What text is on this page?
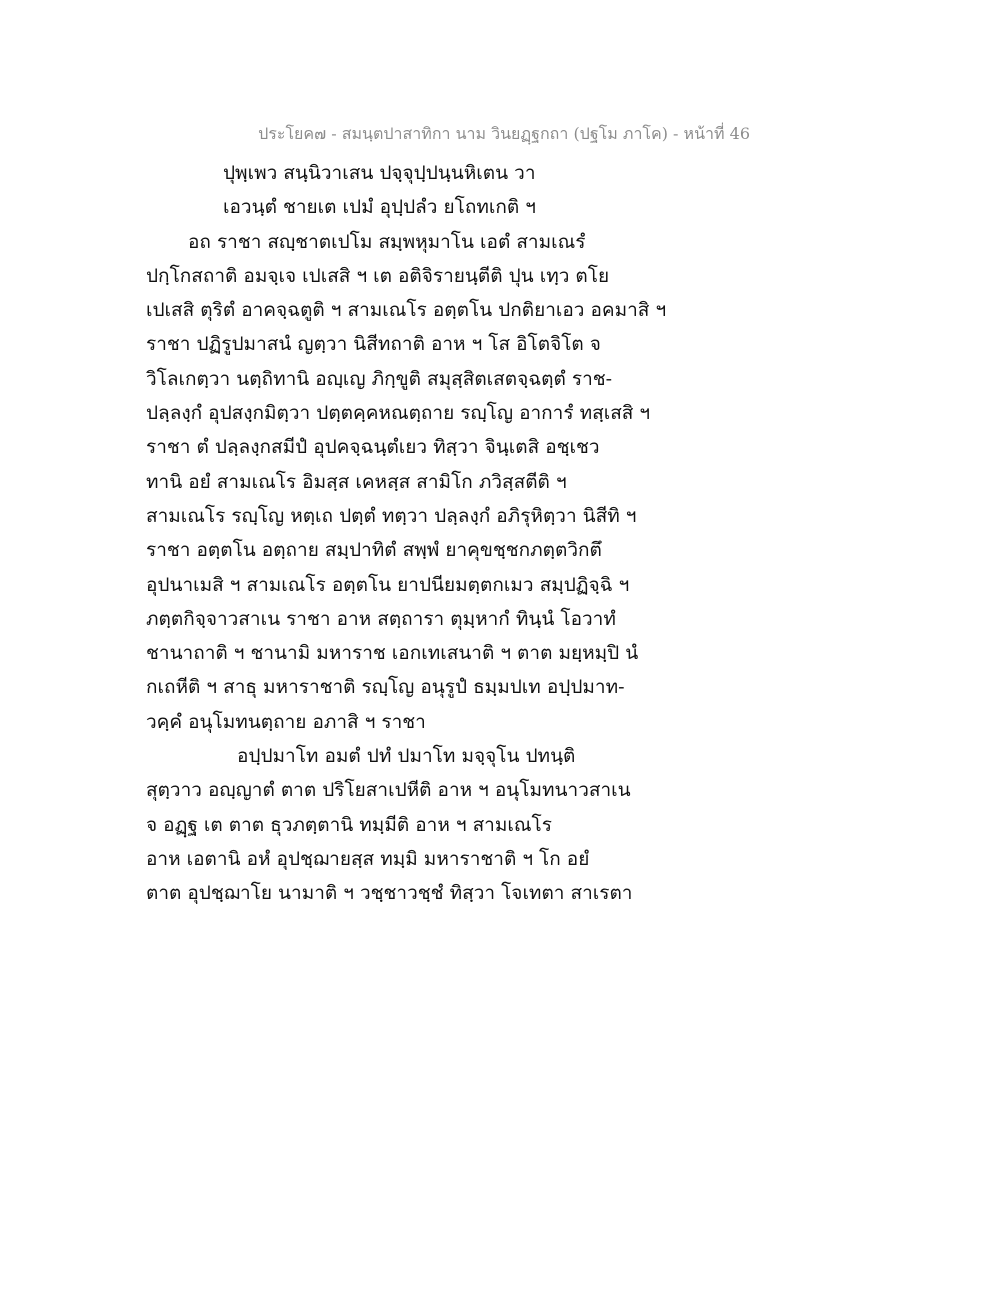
ประโยค๗ - สมนฺตปาสาทิกา นาม วินยฏฺฐกถา (ปฐโม ภาโค) - หน้าที่ 46
ปุพฺเพว สนฺนิวาเสน ปจฺจุปฺปนฺนหิเตน วา
เอวนฺตํ ชายเต เปมํ อุปฺปลํว ยโถทเกติ ฯ
อถ ราชา สญฺชาตเปโม สมฺพหุมาโน เอตํ สามเณรํ
ปกฺโกสถาติ อมจฺเจ เปเสสิ ฯ เต อติจิรายนฺตีติ ปุน เทฺว ตโย
เปเสสิ ตุริตํ อาคจฺฉตูติ ฯ สามเณโร อตฺตโน ปกติยาเอว อคมาสิ ฯ
ราชา ปฏิรูปมาสนํ ญตฺวา นิสีทถาติ อาห ฯ โส อิโตจิโต จ
วิโลเกตฺวา นตฺถิทานิ อญฺเญ ภิกฺขูติ สมุสฺสิตเสตจฺฉตฺตํ ราช-
ปลฺลงฺกํ อุปสงฺกมิตฺวา ปตฺตคฺคหณตฺถาย รญฺโญ อาการํ ทสฺเสสิ ฯ
ราชา ตํ ปลฺลงฺกสมีปํ อุปคจฺฉนฺตํเยว ทิสฺวา จินฺเตสิ อชฺเชว
ทานิ อยํ สามเณโร อิมสฺส เคหสฺส สามิโก ภวิสฺสตีติ ฯ
สามเณโร รญฺโญ หตฺเถ ปตฺตํ ทตฺวา ปลฺลงฺกํ อภิรุหิตฺวา นิสีทิ ฯ
ราชา อตฺตโน อตฺถาย สมฺปาทิตํ สพฺพํ ยาคุขชฺชกภตฺตวิกตึ
อุปนาเมสิ ฯ สามเณโร อตฺตโน ยาปนียมตฺตกเมว สมฺปฏิจฺฉิ ฯ
ภตฺตกิจฺจาวสาเน ราชา อาห สตฺถารา ตุมฺหากํ ทินฺนํ โอวาทํ
ชานาถาติ ฯ ชานามิ มหาราช เอกเทเสนาติ ฯ ตาต มยฺหมฺปิ นํ
กเถหีติ ฯ สาธุ มหาราชาติ รญฺโญ อนุรูปํ ธมฺมปเท อปฺปมาท-
วคฺคํ อนุโมทนตฺถาย อภาสิ ฯ ราชา
อปฺปมาโท อมตํ ปทํ ปมาโท มจฺจุโน ปทนฺติ
สุตฺวาว อญฺญาตํ ตาต ปริโยสาเปหีติ อาห ฯ อนุโมทนาวสาเน
จ อฏฺฐ เต ตาต ธุวภตฺตานิ ทมฺมีติ อาห ฯ สามเณโร
อาห เอตานิ อหํ อุปชฺฌายสฺส ทมฺมิ มหาราชาติ ฯ โก อยํ
ตาต อุปชฺฌาโย นามาติ ฯ วชฺชาวชฺชํ ทิสฺวา โจเทตา สาเรตา
